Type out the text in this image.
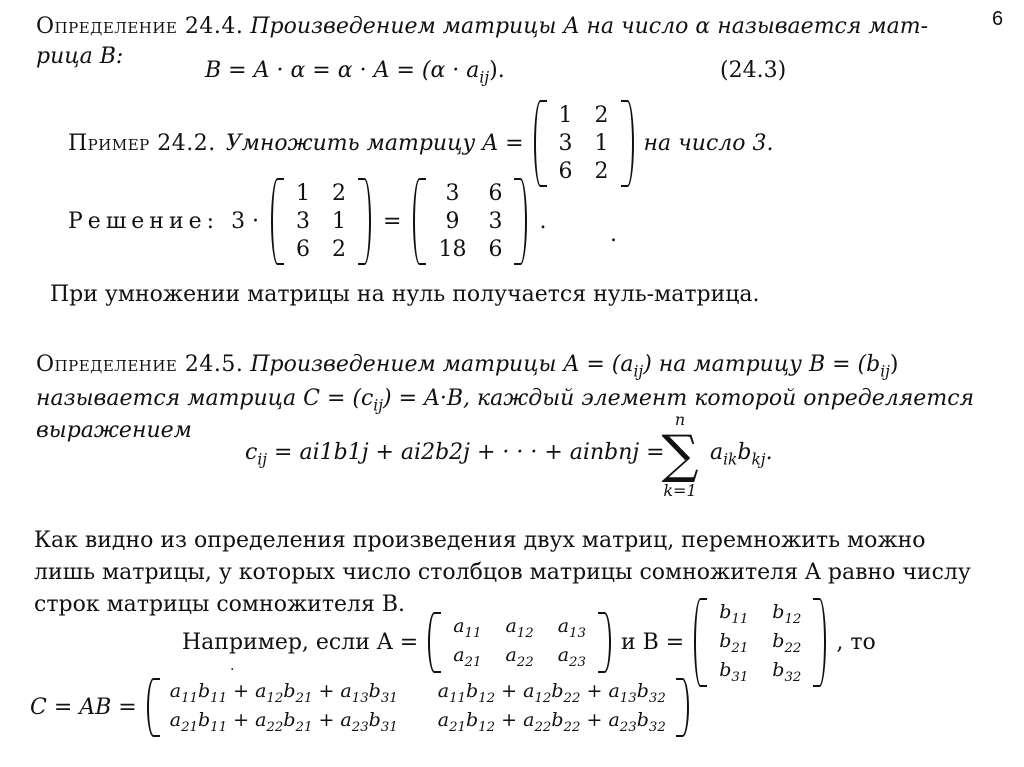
6
Определение 24.4. Произведением матрицы A на число α называется мат-
рица B:
$B = A \cdot \alpha = \alpha \cdot A = (\alpha \cdot a_{ij})$.	(24.3)
Пример 24.2. Умножить матрицу A =
1 2
3 1
6 2
на число 3.
Решение: 3 ·
1 2
3 1
6 2
=
3	6
9	3
18 6
.
.
При умножении матрицы на нуль получается нуль-матрица.
Определение 24.5. Произведением матрицы $A = (a_{ij})$ на матрицу $B = (b_{ij})$
называется матрица $C = (c_{ij}) = A\cdot B$, каждый элемент которой определяется
выражением
$c_{ij} = ai1b1j + ai2b2j$ + · · · + ainbnj =
n
∑
k=1
$a_{ik}b_{kj}$.
Как видно из определения произведения двух матриц, перемножить можно
лишь матрицы, у которых число столбцов матрицы сомножителя A равно числу
строк матрицы сомножителя B.
Например, если A =
$a_{11}$ $a_{12}$ $a_{13}$
$a_{21}$ $a_{22}$ $a_{23}$
и B =
$b_{11}$ $b_{12}$
$b_{21}$ $b_{22}$
$b_{31}$ $b_{32}$
, то
.
C = AB =
$a_{11}b_{11} + a_{12}b_{21} + a_{13}b_{31}$ $a_{11}b_{12} + a_{12}b_{22} + a_{13}b_{32}$
$a_{21}b_{11} + a_{22}b_{21} + a_{23}b_{31}$ $a_{21}b_{12} + a_{22}b_{22} + a_{23}b_{32}$
